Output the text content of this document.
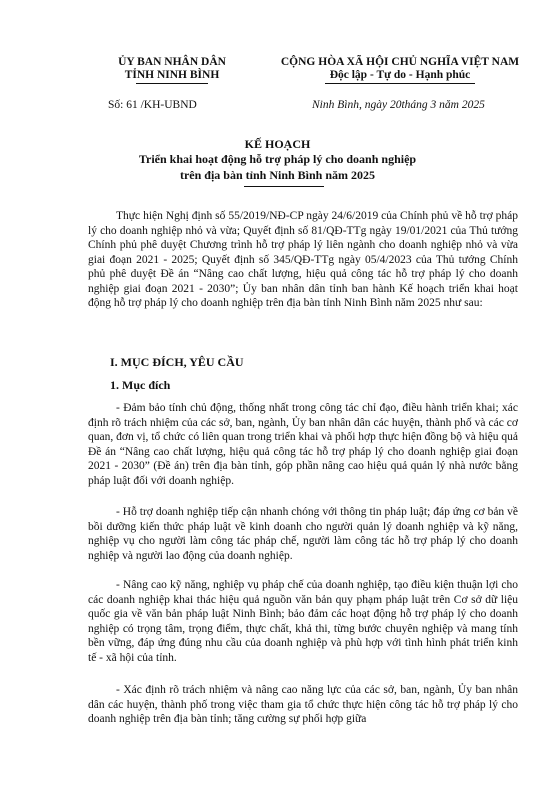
ỦY BAN NHÂN DÂN
TỈNH NINH BÌNH
CỘNG HÒA XÃ HỘI CHỦ NGHĨA VIỆT NAM
Độc lập - Tự do - Hạnh phúc
Số: 61 /KH-UBND	Ninh Bình, ngày 20tháng 3 năm 2025
KẾ HOẠCH
Triển khai hoạt động hỗ trợ pháp lý cho doanh nghiệp
trên địa bàn tỉnh Ninh Bình năm 2025

Thực hiện Nghị định số 55/2019/NĐ-CP ngày 24/6/2019 của Chính phủ về hỗ trợ pháp lý cho doanh nghiệp nhỏ và vừa; Quyết định số 81/QĐ-TTg ngày 19/01/2021 của Thủ tướng Chính phủ phê duyệt Chương trình hỗ trợ pháp lý liên ngành cho doanh nghiệp nhỏ và vừa giai đoạn 2021 - 2025; Quyết định số 345/QĐ-TTg ngày 05/4/2023 của Thủ tướng Chính phủ phê duyệt Đề án “Nâng cao chất lượng, hiệu quả công tác hỗ trợ pháp lý cho doanh nghiệp giai đoạn 2021 - 2030”; Ủy ban nhân dân tỉnh ban hành Kế hoạch triển khai hoạt động hỗ trợ pháp lý cho doanh nghiệp trên địa bàn tỉnh Ninh Bình năm 2025 như sau:

I. MỤC ĐÍCH, YÊU CẦU
1. Mục đích

- Đảm bảo tính chủ động, thống nhất trong công tác chỉ đạo, điều hành triển khai; xác định rõ trách nhiệm của các sở, ban, ngành, Ủy ban nhân dân các huyện, thành phố và các cơ quan, đơn vị, tổ chức có liên quan trong triển khai và phối hợp thực hiện đồng bộ và hiệu quả Đề án “Nâng cao chất lượng, hiệu quả công tác hỗ trợ pháp lý cho doanh nghiệp giai đoạn 2021 - 2030” (Đề án) trên địa bàn tỉnh, góp phần nâng cao hiệu quả quản lý nhà nước bằng pháp luật đối với doanh nghiệp.

- Hỗ trợ doanh nghiệp tiếp cận nhanh chóng với thông tin pháp luật; đáp ứng cơ bản về bồi dưỡng kiến thức pháp luật về kinh doanh cho người quản lý doanh nghiệp và kỹ năng, nghiệp vụ cho người làm công tác pháp chế, người làm công tác hỗ trợ pháp lý cho doanh nghiệp và người lao động của doanh nghiệp.

- Nâng cao kỹ năng, nghiệp vụ pháp chế của doanh nghiệp, tạo điều kiện thuận lợi cho các doanh nghiệp khai thác hiệu quả nguồn văn bản quy phạm pháp luật trên Cơ sở dữ liệu quốc gia về văn bản pháp luật Ninh Bình; bảo đảm các hoạt động hỗ trợ pháp lý cho doanh nghiệp có trọng tâm, trọng điểm, thực chất, khả thi, từng bước chuyên nghiệp và mang tính bền vững, đáp ứng đúng nhu cầu của doanh nghiệp và phù hợp với tình hình phát triển kinh tế - xã hội của tỉnh.

- Xác định rõ trách nhiệm và nâng cao năng lực của các sở, ban, ngành, Ủy ban nhân dân các huyện, thành phố trong việc tham gia tổ chức thực hiện công tác hỗ trợ pháp lý cho doanh nghiệp trên địa bàn tỉnh; tăng cường sự phối hợp giữa
